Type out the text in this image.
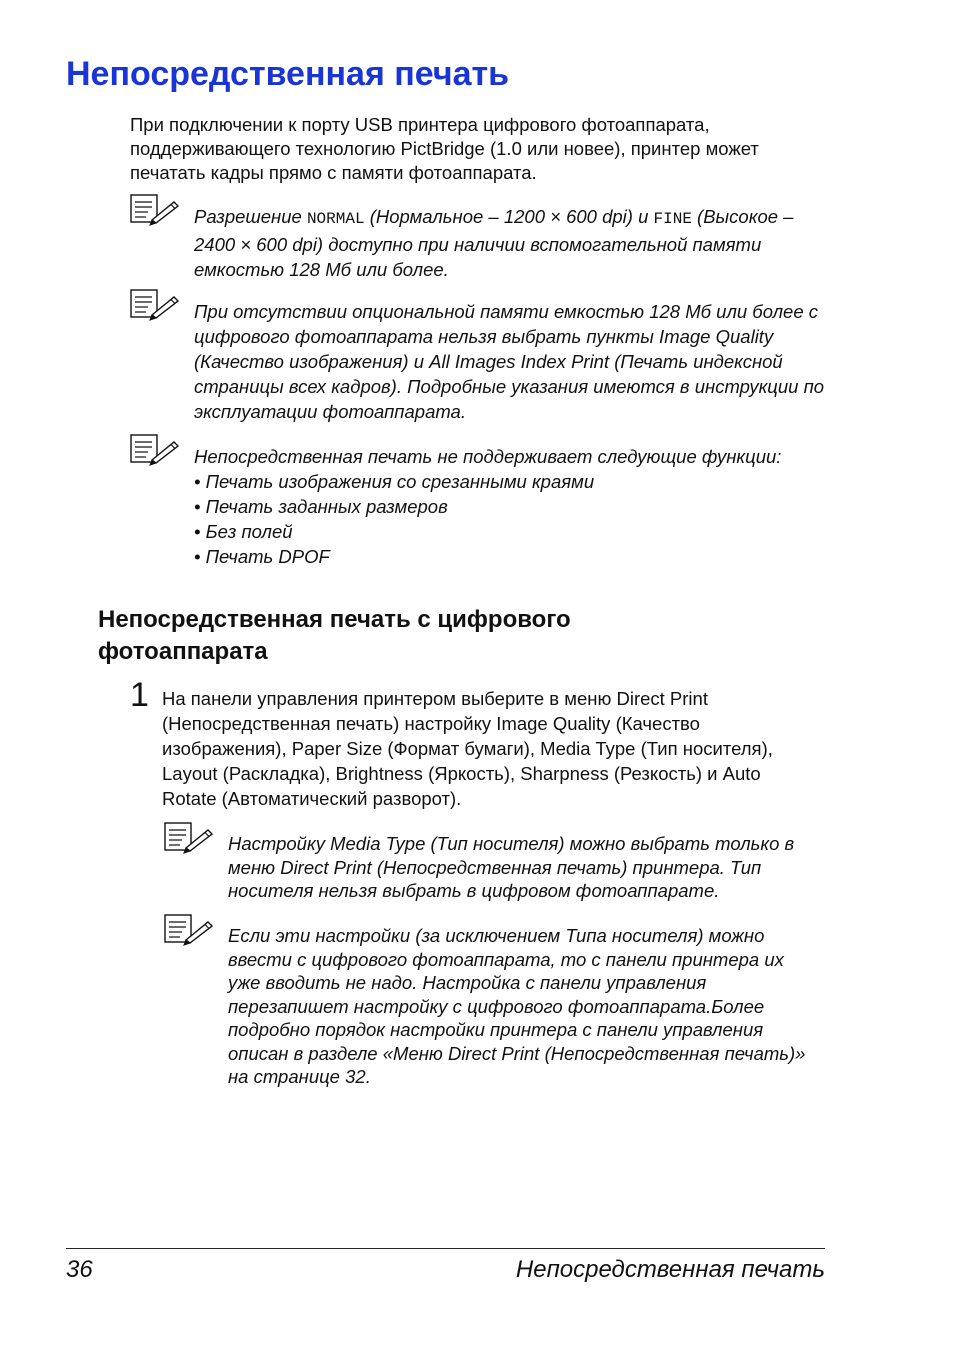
Непосредственная печать

При подключении к порту USB принтера цифрового фотоаппарата, поддерживающего технологию PictBridge (1.0 или новее), принтер может печатать кадры прямо с памяти фотоаппарата.

Разрешение NORMAL (Нормальное – 1200 × 600 dpi) и FINE (Высокое – 2400 × 600 dpi) доступно при наличии вспомогательной памяти емкостью 128 Мб или более.

При отсутствии опциональной памяти емкостью 128 Мб или более с цифрового фотоаппарата нельзя выбрать пункты Image Quality (Качество изображения) и All Images Index Print (Печать индексной страницы всех кадров). Подробные указания имеются в инструкции по эксплуатации фотоаппарата.

Непосредственная печать не поддерживает следующие функции:

• Печать изображения со срезанными краями
• Печать заданных размеров
• Без полей
• Печать DPOF
Непосредственная печать с цифрового фотоаппарата
1 На панели управления принтером выберите в меню Direct Print (Непосредственная печать) настройку Image Quality (Качество изображения), Paper Size (Формат бумаги), Media Type (Тип носителя), Layout (Раскладка), Brightness (Яркость), Sharpness (Резкость) и Auto Rotate (Автоматический разворот).

Настройку Media Type (Тип носителя) можно выбрать только в меню Direct Print (Непосредственная печать) принтера. Тип носителя нельзя выбрать в цифровом фотоаппарате.

Если эти настройки (за исключением Типа носителя) можно ввести с цифрового фотоаппарата, то с панели принтера их уже вводить не надо. Настройка с панели управления перезапишет настройку с цифрового фотоаппарата.Более подробно порядок настройки принтера с панели управления описан в разделе «Меню Direct Print (Непосредственная печать)» на странице 32.

36	Непосредственная печать
